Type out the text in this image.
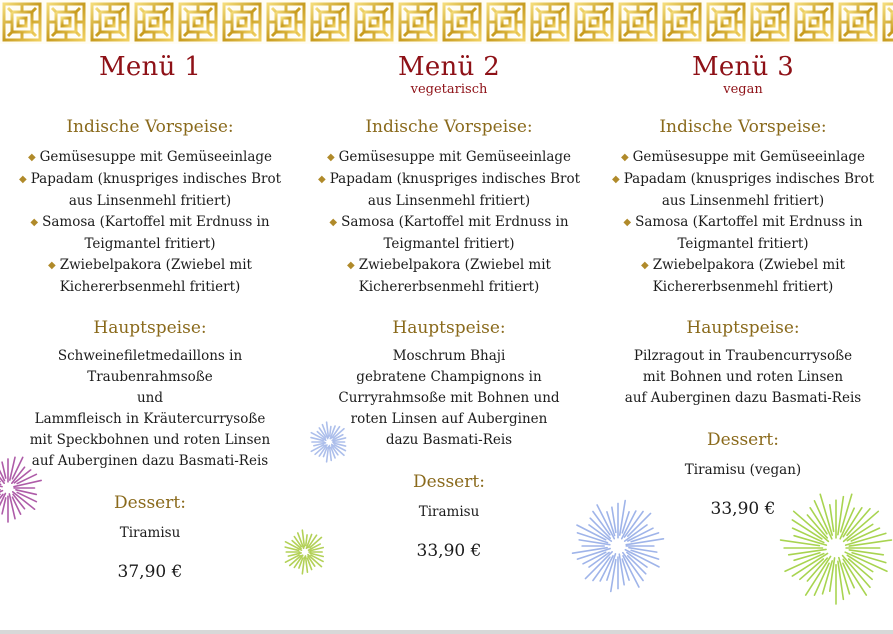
Menü 1
Indische Vorspeise:
◆ Gemüsesuppe mit Gemüseeinlage
◆ Papadam (knuspriges indisches Brot
aus Linsenmehl fritiert)
◆ Samosa (Kartoffel mit Erdnuss in
Teigmantel fritiert)
◆ Zwiebelpakora (Zwiebel mit
Kichererbsenmehl fritiert)
Hauptspeise:
Schweinefiletmedaillons in
Traubenrahmsoße
und
Lammfleisch in Kräutercurrysoße
mit Speckbohnen und roten Linsen
auf Auberginen dazu Basmati-Reis
Dessert:
Tiramisu
37,90 €
Menü 2
vegetarisch
Indische Vorspeise:
◆ Gemüsesuppe mit Gemüseeinlage
◆ Papadam (knuspriges indisches Brot
aus Linsenmehl fritiert)
◆ Samosa (Kartoffel mit Erdnuss in
Teigmantel fritiert)
◆ Zwiebelpakora (Zwiebel mit
Kichererbsenmehl fritiert)
Hauptspeise:
Moschrum Bhaji
gebratene Champignons in
Curryrahmsoße mit Bohnen und
roten Linsen auf Auberginen
dazu Basmati-Reis
Dessert:
Tiramisu
33,90 €
Menü 3
vegan
Indische Vorspeise:
◆ Gemüsesuppe mit Gemüseeinlage
◆ Papadam (knuspriges indisches Brot
aus Linsenmehl fritiert)
◆ Samosa (Kartoffel mit Erdnuss in
Teigmantel fritiert)
◆ Zwiebelpakora (Zwiebel mit
Kichererbsenmehl fritiert)
Hauptspeise:
Pilzragout in Traubencurrysoße
mit Bohnen und roten Linsen
auf Auberginen dazu Basmati-Reis
Dessert:
Tiramisu (vegan)
33,90 €
